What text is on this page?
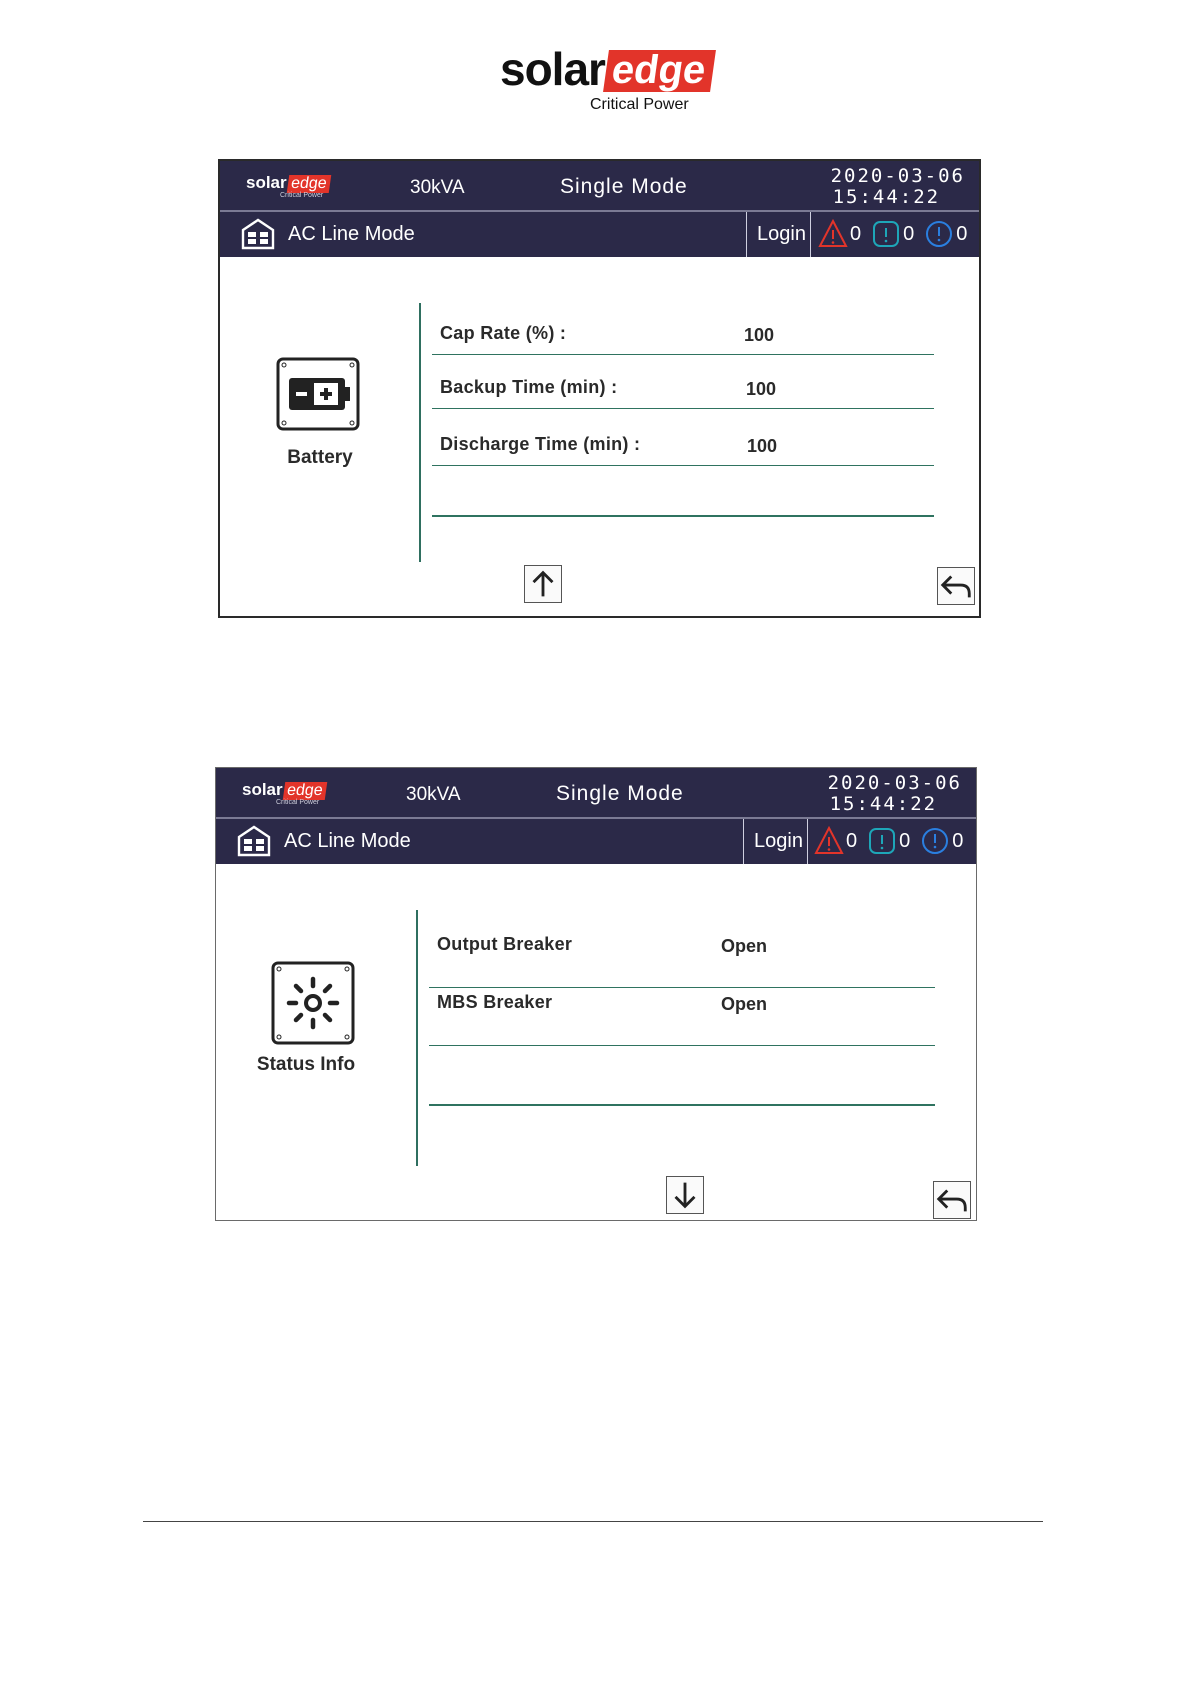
solar edge
Critical Power
solar edge
Critical Power	30kVA	Single Mode	2020-03-06
15:44:22
AC Line Mode	Login 0 0 0
Battery
Cap Rate (%) :	100
Backup Time (min) :	100
Discharge Time (min) :	100
solar edge
Critical Power	30kVA	Single Mode	2020-03-06
15:44:22
AC Line Mode	Login 0 0 0
Status Info
Output Breaker	Open
MBS Breaker	Open
